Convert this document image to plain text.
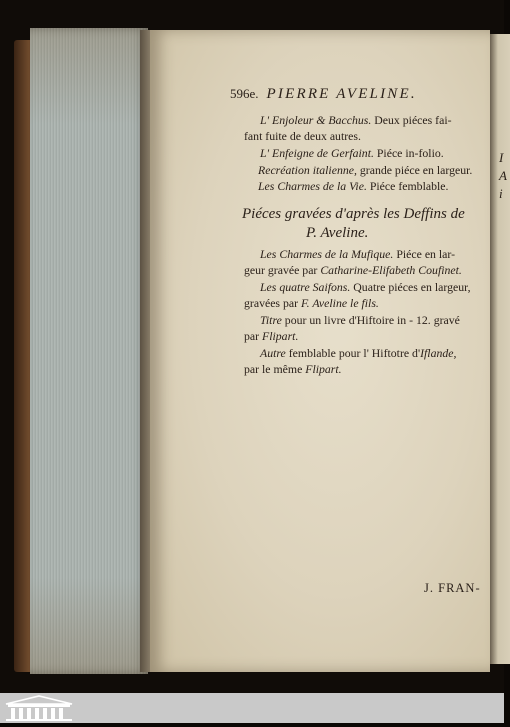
I
A
i
596e. PIERRE AVELINE.
L' Enjoleur & Bacchus. Deux piéces fai-
fant fuite de deux autres.
L' Enfeigne de Gerfaint. Piéce in-folio.
Recréation italienne, grande piéce en largeur.
Les Charmes de la Vie. Piéce femblable.
Piéces gravées d'après les Deffins de
P. Aveline.
Les Charmes de la Mufique. Piéce en lar-
geur gravée par Catharine-Elifabeth Coufinet.
Les quatre Saifons. Quatre piéces en largeur,
gravées par F. Aveline le fils.
Titre pour un livre d'Hiftoire in - 12. gravé
par Flipart.
Autre femblable pour l' Hiftotre d'Iflande,
par le même Flipart.
J. FRAN-
